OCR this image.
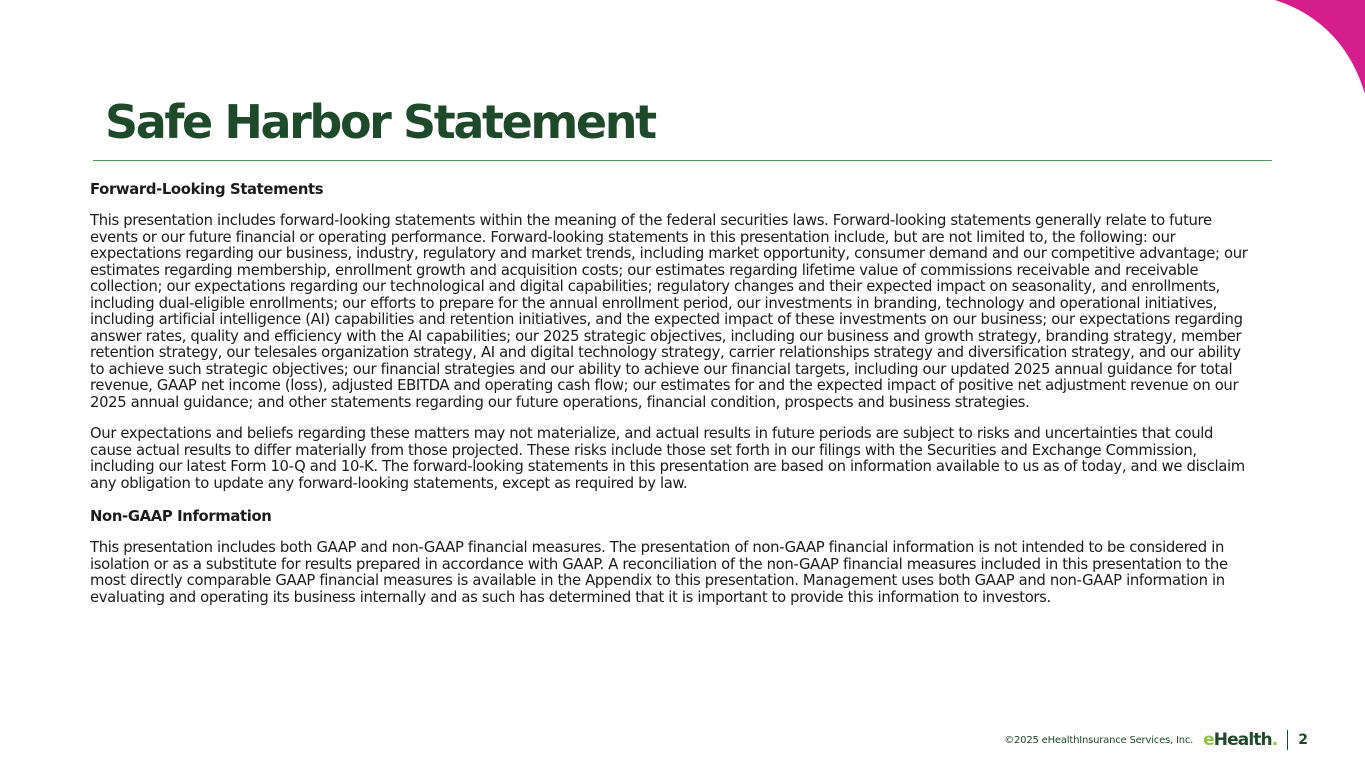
Safe Harbor Statement

Forward-Looking Statements

This presentation includes forward-looking statements within the meaning of the federal securities laws. Forward-looking statements generally relate to future events or our future financial or operating performance. Forward-looking statements in this presentation include, but are not limited to, the following: our expectations regarding our business, industry, regulatory and market trends, including market opportunity, consumer demand and our competitive advantage; our estimates regarding membership, enrollment growth and acquisition costs; our estimates regarding lifetime value of commissions receivable and receivable collection; our expectations regarding our technological and digital capabilities; regulatory changes and their expected impact on seasonality, and enrollments, including dual-eligible enrollments; our efforts to prepare for the annual enrollment period, our investments in branding, technology and operational initiatives, including artificial intelligence (AI) capabilities and retention initiatives, and the expected impact of these investments on our business; our expectations regarding answer rates, quality and efficiency with the AI capabilities; our 2025 strategic objectives, including our business and growth strategy, branding strategy, member retention strategy, our telesales organization strategy, AI and digital technology strategy, carrier relationships strategy and diversification strategy, and our ability to achieve such strategic objectives; our financial strategies and our ability to achieve our financial targets, including our updated 2025 annual guidance for total revenue, GAAP net income (loss), adjusted EBITDA and operating cash flow; our estimates for and the expected impact of positive net adjustment revenue on our 2025 annual guidance; and other statements regarding our future operations, financial condition, prospects and business strategies.

Our expectations and beliefs regarding these matters may not materialize, and actual results in future periods are subject to risks and uncertainties that could cause actual results to differ materially from those projected. These risks include those set forth in our filings with the Securities and Exchange Commission, including our latest Form 10-Q and 10-K. The forward-looking statements in this presentation are based on information available to us as of today, and we disclaim any obligation to update any forward-looking statements, except as required by law.

Non-GAAP Information

This presentation includes both GAAP and non-GAAP financial measures. The presentation of non-GAAP financial information is not intended to be considered in isolation or as a substitute for results prepared in accordance with GAAP. A reconciliation of the non-GAAP financial measures included in this presentation to the most directly comparable GAAP financial measures is available in the Appendix to this presentation. Management uses both GAAP and non-GAAP information in evaluating and operating its business internally and as such has determined that it is important to provide this information to investors.

©2025 eHealthInsurance Services, Inc. eHealth. 2
